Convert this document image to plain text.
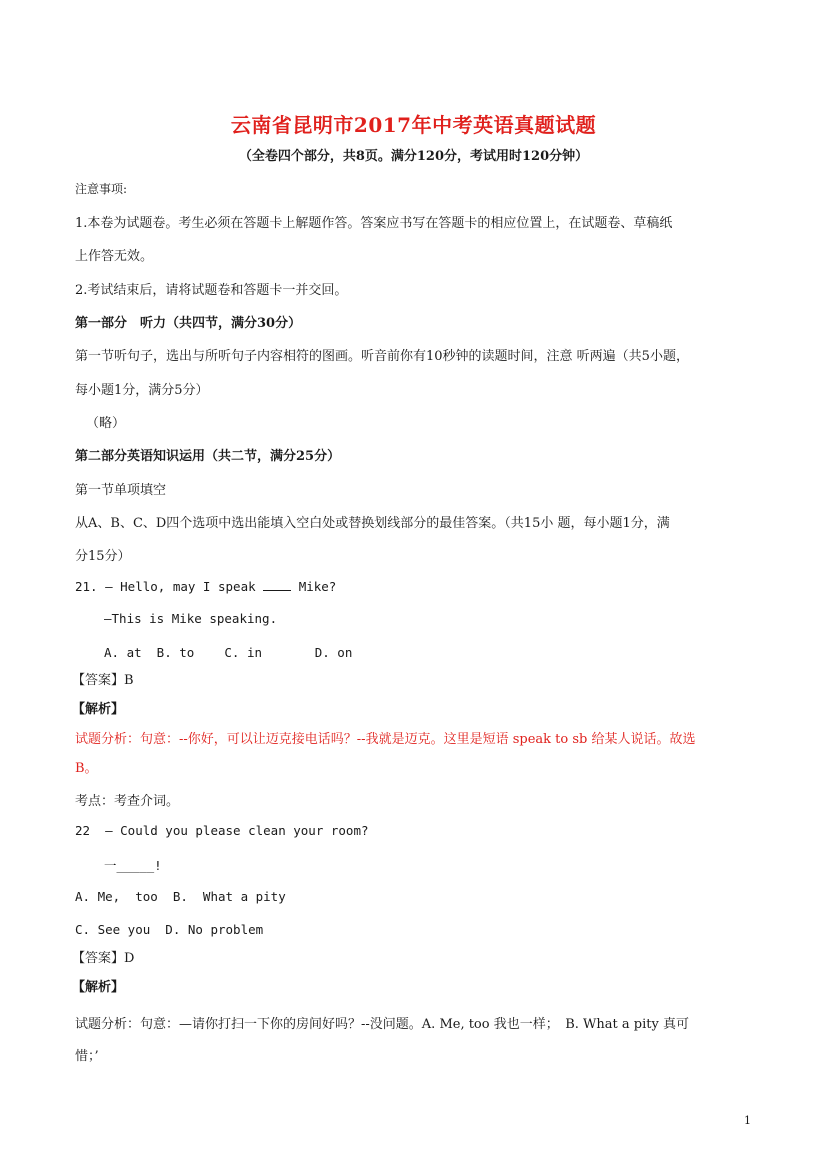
云南省昆明市2017年中考英语真题试题
（全卷四个部分，共8页。满分120分，考试用时120分钟）
注意事项:
1.本卷为试题卷。考生必须在答题卡上解题作答。答案应书写在答题卡的相应位置上，在试题卷、草稿纸
上作答无效。
2.考试结束后，请将试题卷和答题卡一并交回。
第一部分　听力（共四节，满分30分）
第一节听句子，选出与所听句子内容相符的图画。听音前你有10秒钟的读题时间，注意 听两遍（共5小题，
每小题1分，满分5分）
（略）
第二部分英语知识运用（共二节，满分25分）
第一节单项填空
从A、B、C、D四个选项中选出能填入空白处或替换划线部分的最佳答案。（共15小 题，每小题1分，满
分15分）
21. — Hello, may I speak	Mike?
—This is Mike speaking.
A. at  B. to    C. in       D. on
【答案】B
【解析】
试题分析：句意：--你好，可以让迈克接电话吗？--我就是迈克。这里是短语 speak to sb 给某人说话。故选
B。
考点：考查介词。
22  — Could you please clean your room?
一_____!
A. Me,  too  B.  What a pity
C. See you  D. No problem
【答案】D
【解析】
试题分析：句意：—请你打扫一下你的房间好吗？--没问题。A. Me, too 我也一样；　B. What a pity 真可
惜；’
1
